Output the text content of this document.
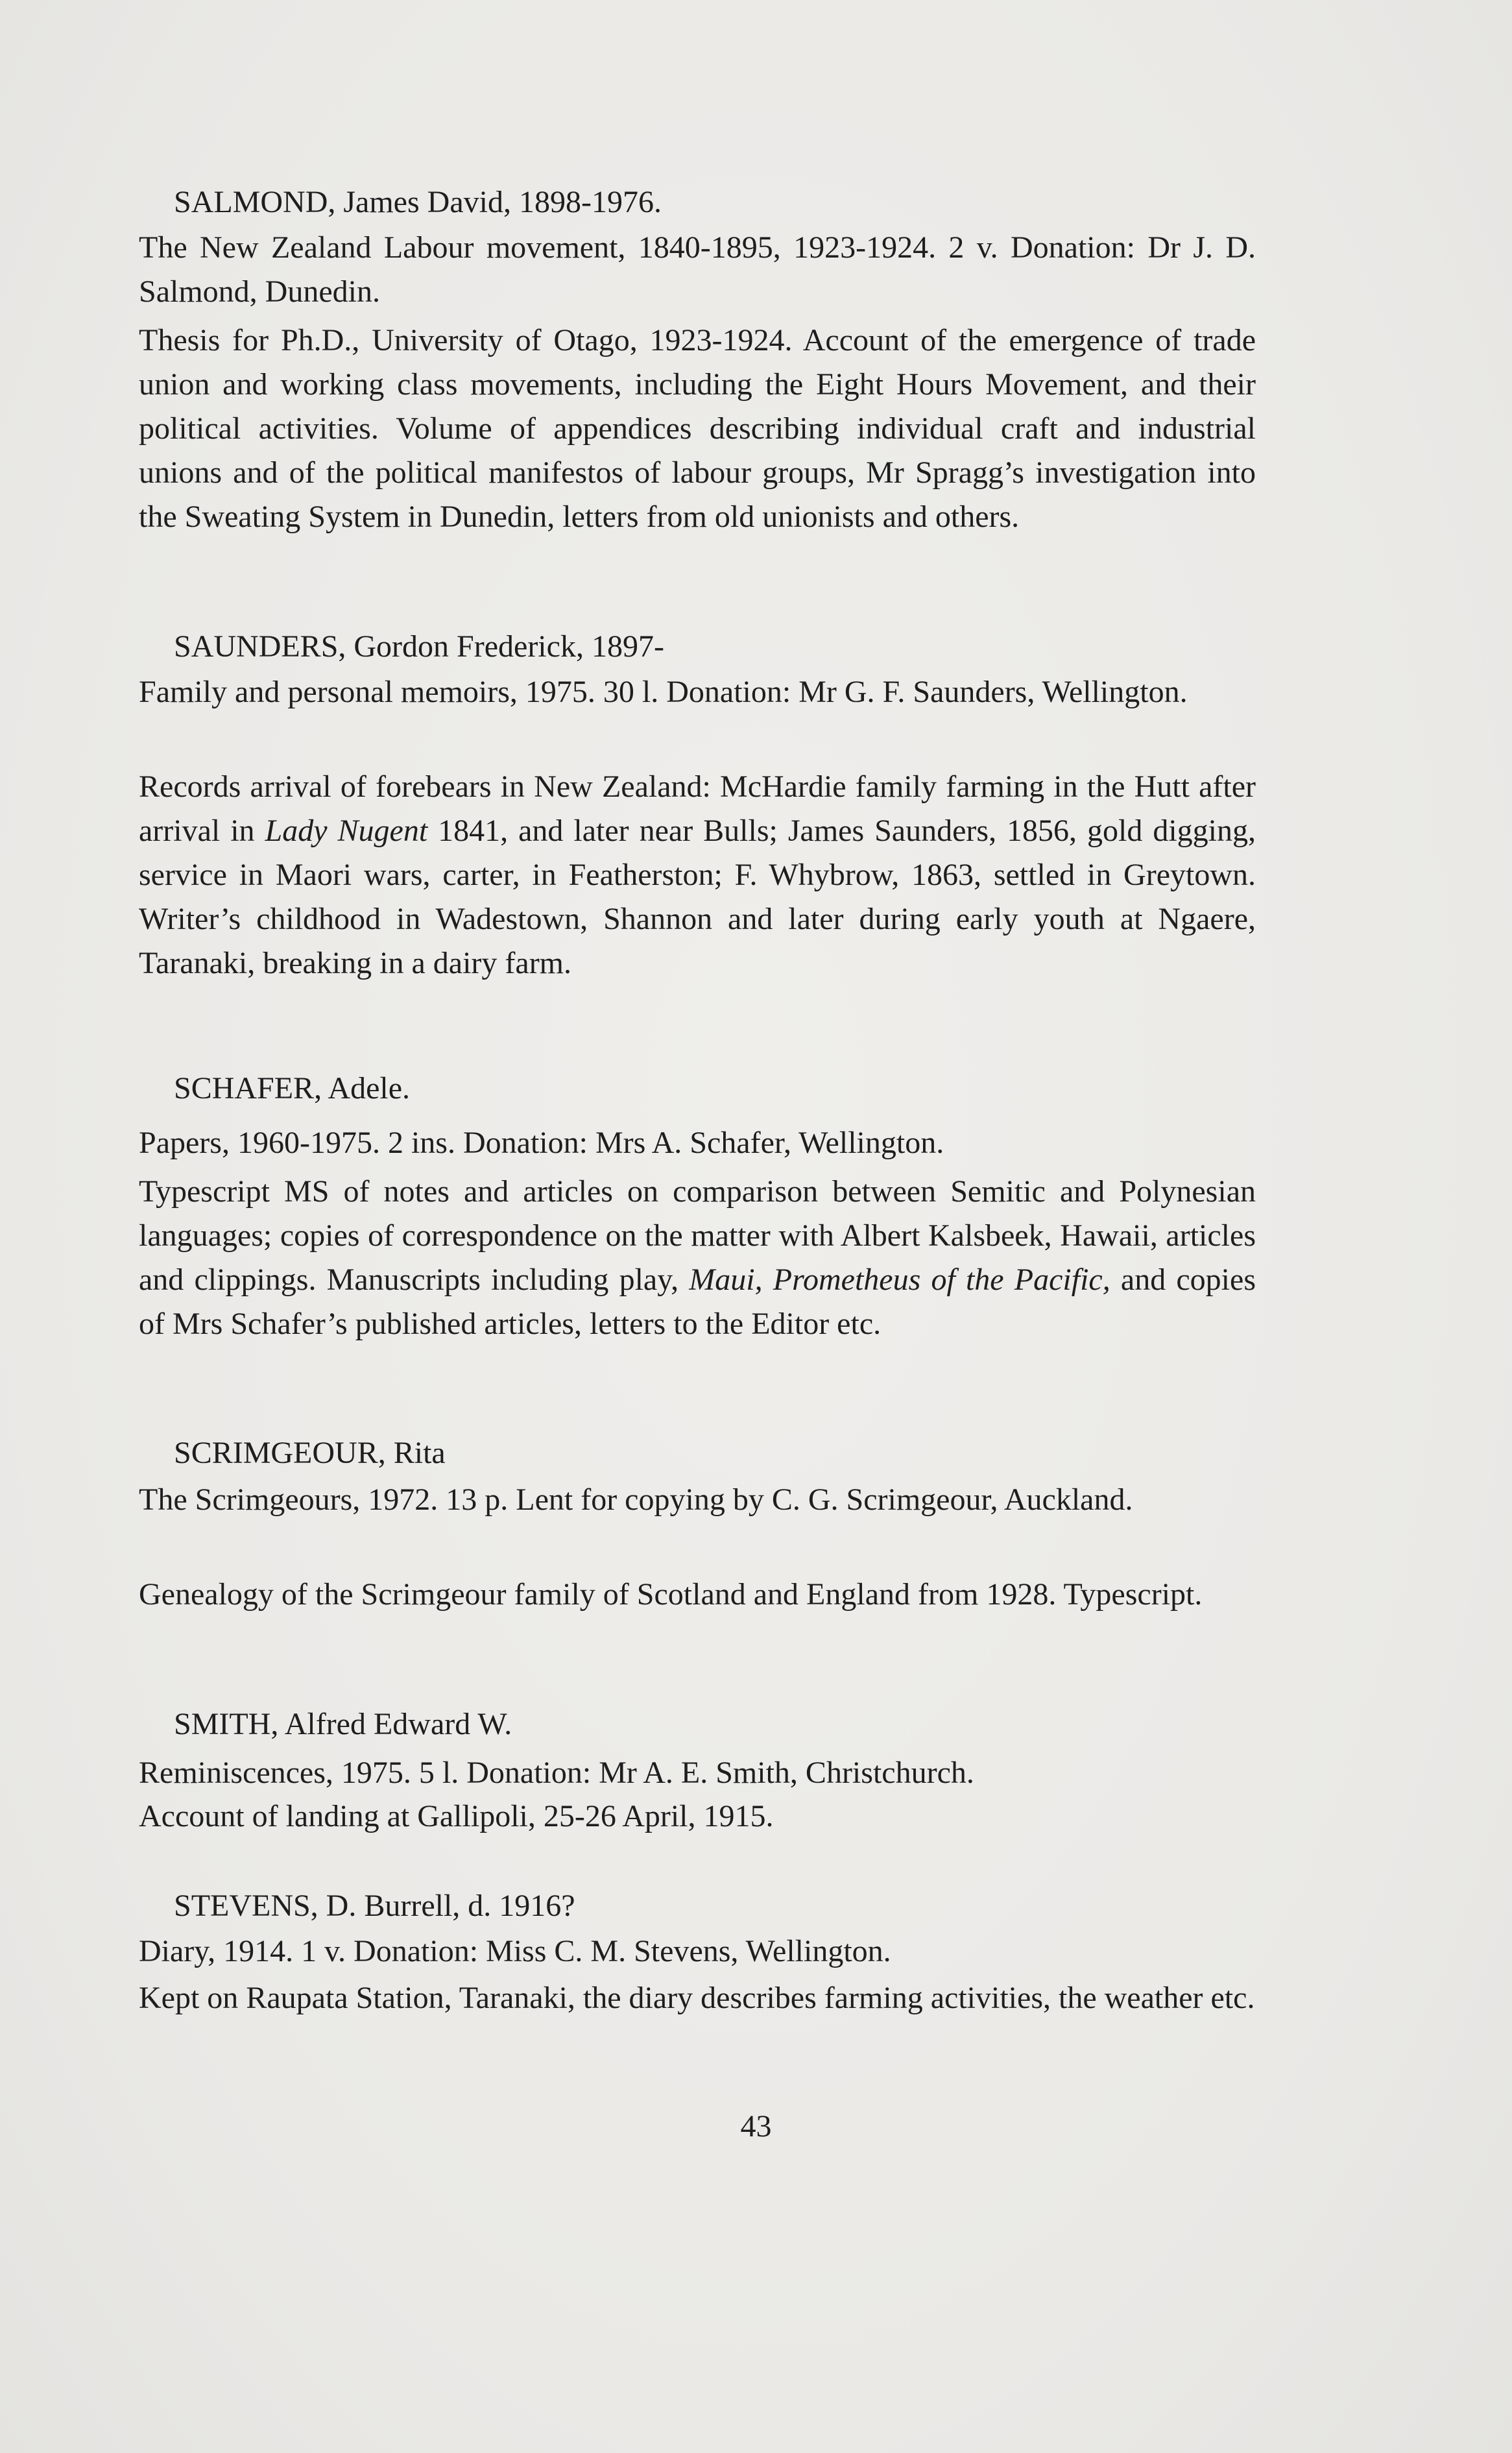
SALMOND, James David, 1898-1976.
The New Zealand Labour movement, 1840-1895, 1923-1924. 2 v. Donation: Dr J. D. Salmond, Dunedin.
Thesis for Ph.D., University of Otago, 1923-1924. Account of the emergence of trade union and working class movements, including the Eight Hours Movement, and their political activities. Volume of appendices describing individual craft and industrial unions and of the political manifestos of labour groups, Mr Spragg’s investigation into the Sweating System in Dunedin, letters from old unionists and others.
SAUNDERS, Gordon Frederick, 1897-
Family and personal memoirs, 1975. 30 l. Donation: Mr G. F. Saunders, Wellington.
Records arrival of forebears in New Zealand: McHardie family farming in the Hutt after arrival in Lady Nugent 1841, and later near Bulls; James Saunders, 1856, gold digging, service in Maori wars, carter, in Featherston; F. Whybrow, 1863, settled in Greytown. Writer’s childhood in Wadestown, Shannon and later during early youth at Ngaere, Taranaki, breaking in a dairy farm.
SCHAFER, Adele.
Papers, 1960-1975. 2 ins. Donation: Mrs A. Schafer, Wellington.
Typescript MS of notes and articles on comparison between Semitic and Polynesian languages; copies of correspondence on the matter with Albert Kalsbeek, Hawaii, articles and clippings. Manuscripts including play, Maui, Prometheus of the Pacific, and copies of Mrs Schafer’s published articles, letters to the Editor etc.
SCRIMGEOUR, Rita
The Scrimgeours, 1972. 13 p. Lent for copying by C. G. Scrimgeour, Auckland.
Genealogy of the Scrimgeour family of Scotland and England from 1928. Typescript.
SMITH, Alfred Edward W.
Reminiscences, 1975. 5 l. Donation: Mr A. E. Smith, Christchurch.
Account of landing at Gallipoli, 25-26 April, 1915.
STEVENS, D. Burrell, d. 1916?
Diary, 1914. 1 v. Donation: Miss C. M. Stevens, Wellington.
Kept on Raupata Station, Taranaki, the diary describes farming activities, the weather etc.
43
